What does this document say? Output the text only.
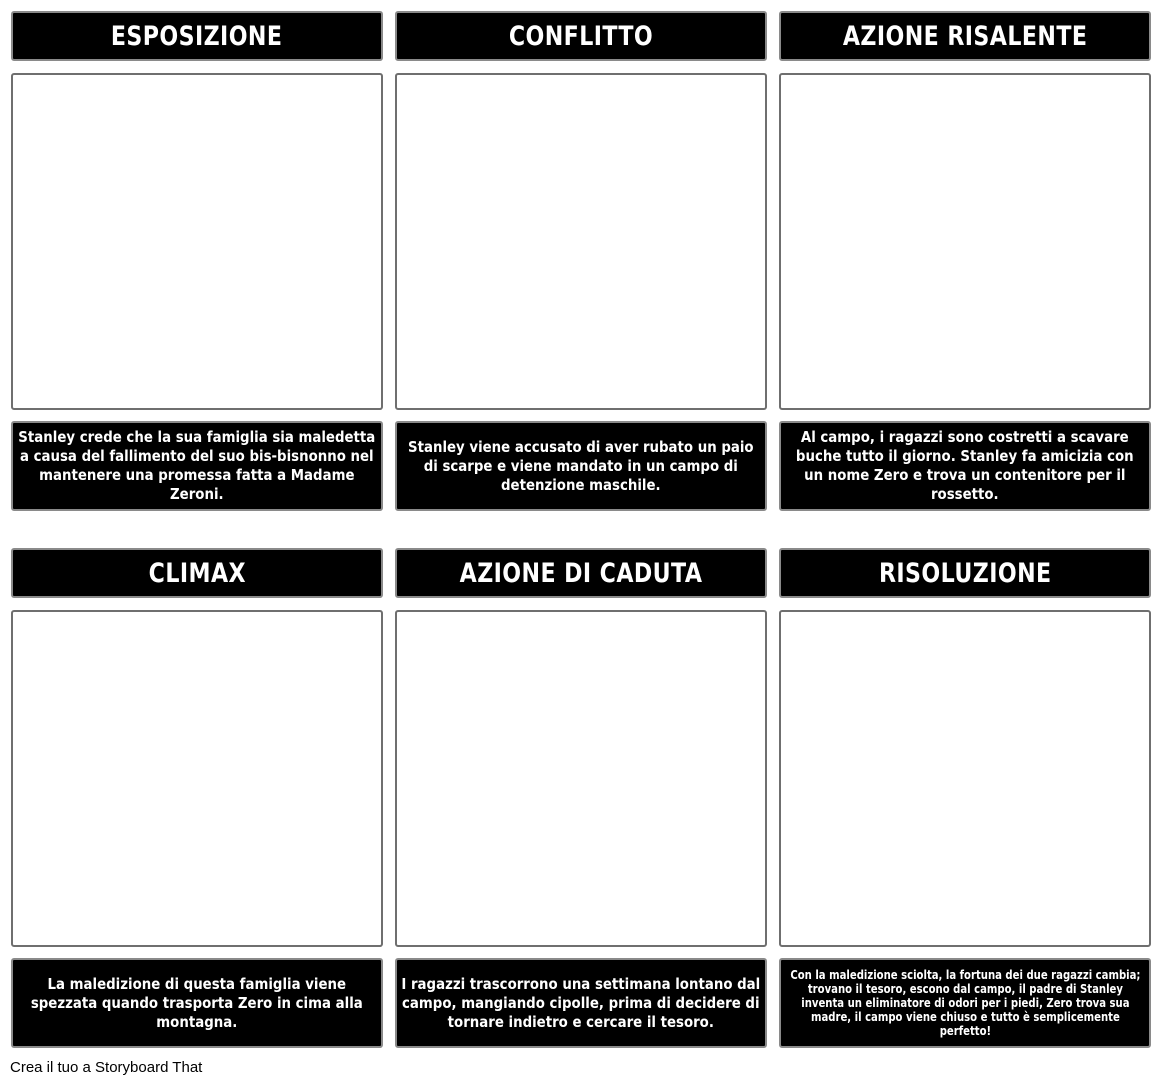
ESPOSIZIONE
Stanley crede che la sua famiglia sia maledetta a causa del fallimento del suo bis-bisnonno nel mantenere una promessa fatta a Madame Zeroni.
CONFLITTO
Stanley viene accusato di aver rubato un paio di scarpe e viene mandato in un campo di detenzione maschile.
AZIONE RISALENTE
Al campo, i ragazzi sono costretti a scavare buche tutto il giorno. Stanley fa amicizia con un nome Zero e trova un contenitore per il rossetto.
CLIMAX
La maledizione di questa famiglia viene spezzata quando trasporta Zero in cima alla montagna.
AZIONE DI CADUTA
I ragazzi trascorrono una settimana lontano dal campo, mangiando cipolle, prima di decidere di tornare indietro e cercare il tesoro.
RISOLUZIONE
Con la maledizione sciolta, la fortuna dei due ragazzi cambia; trovano il tesoro, escono dal campo, il padre di Stanley inventa un eliminatore di odori per i piedi, Zero trova sua madre, il campo viene chiuso e tutto è semplicemente perfetto!
Crea il tuo a Storyboard That
